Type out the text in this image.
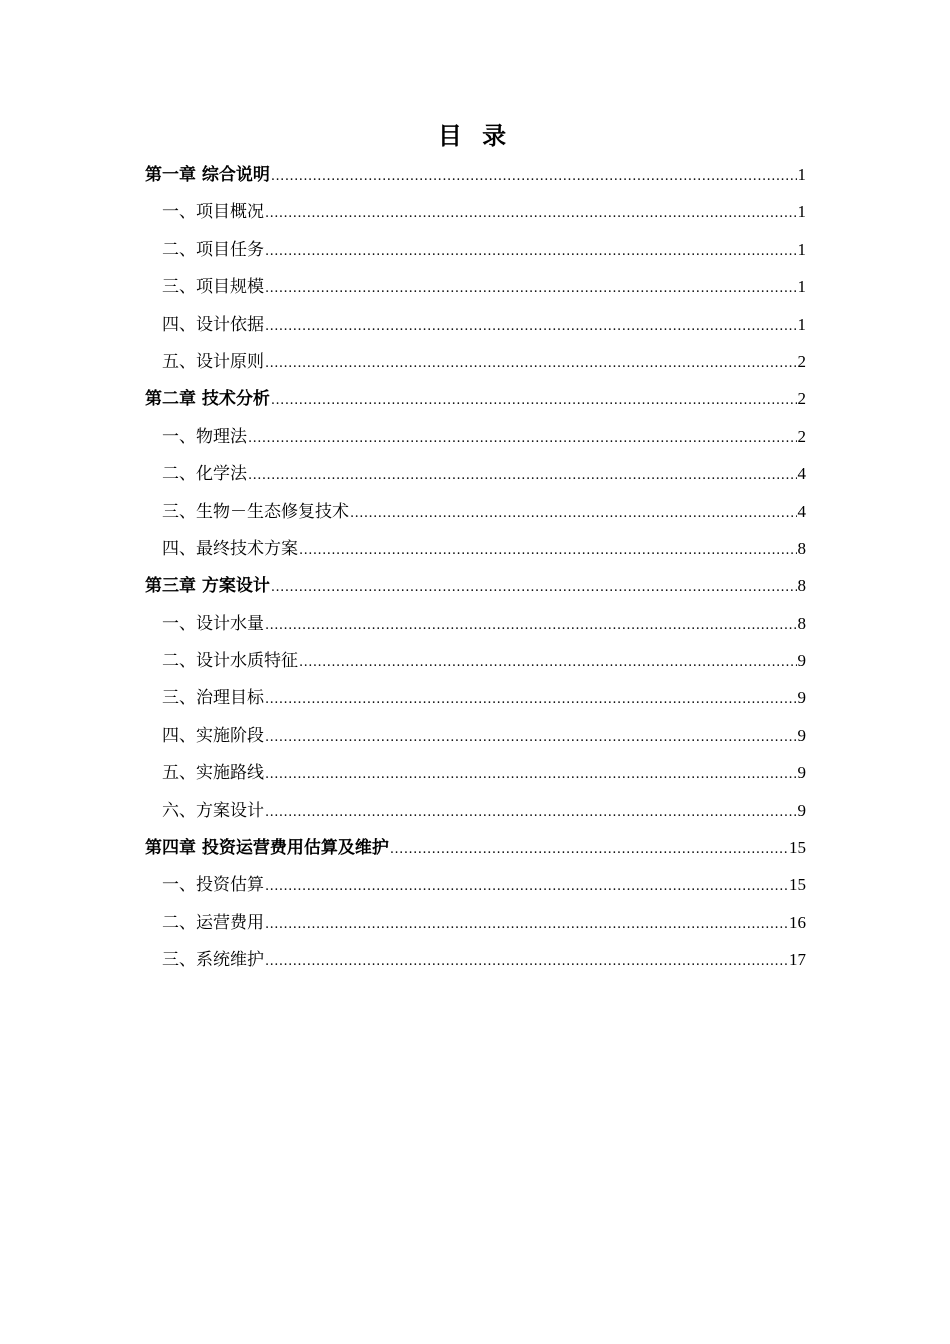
目 录
第一章 综合说明 .....	1
一、项目概况 .....	1
二、项目任务 .....	1
三、项目规模 .....	1
四、设计依据 .....	1
五、设计原则 .....	2
第二章 技术分析 .....	2
一、物理法 .....	2
二、化学法 .....	4
三、生物－生态修复技术 .....	4
四、最终技术方案 .....	8
第三章 方案设计 .....	8
一、设计水量 .....	8
二、设计水质特征 .....	9
三、治理目标 .....	9
四、实施阶段 .....	9
五、实施路线 .....	9
六、方案设计 .....	9
第四章 投资运营费用估算及维护 .....	15
一、投资估算 .....	15
二、运营费用 .....	16
三、系统维护 .....	17
